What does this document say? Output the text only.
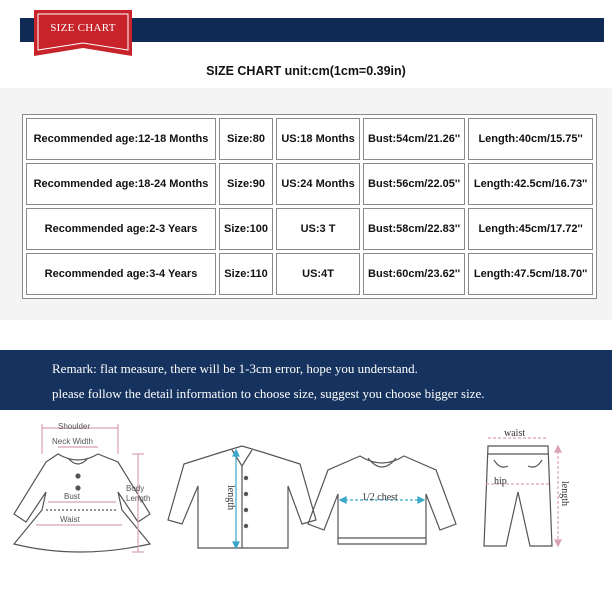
SIZE CHART
SIZE CHART unit:cm(1cm=0.39in)
Recommended age:12-18 Months	Size:80	US:18 Months	Bust:54cm/21.26''	Length:40cm/15.75''
Recommended age:18-24 Months	Size:90	US:24 Months	Bust:56cm/22.05''	Length:42.5cm/16.73''
Recommended age:2-3 Years	Size:100	US:3 T	Bust:58cm/22.83''	Length:45cm/17.72''
Recommended age:3-4 Years	Size:110	US:4T	Bust:60cm/23.62''	Length:47.5cm/18.70''
Remark: flat measure, there will be 1-3cm error, hope you understand.
please follow the detail information to choose size, suggest you choose bigger size.
Shoulder
Neck Width
Bust
Waist
Body Length	length	1/2 chest
waist
hip	length
